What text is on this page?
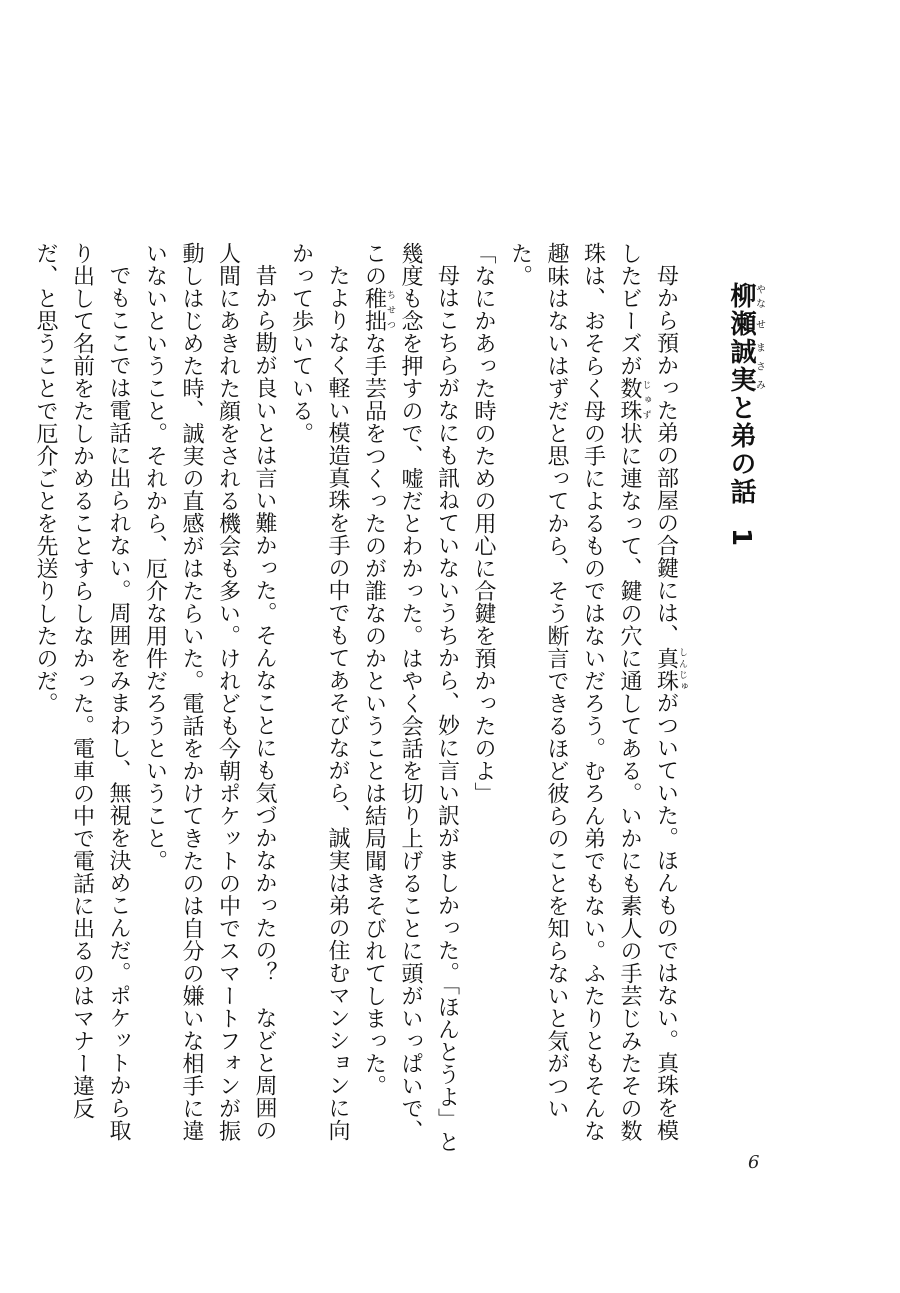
柳やな瀬せ誠実まさみと弟の話1

母から預かった弟の部屋の合鍵には、真珠しんじゅがついていた。ほんものではない。真珠を模したビーズが数珠じゅず状に連なって、鍵の穴に通してある。いかにも素人の手芸じみたその数珠は、おそらく母の手によるものではないだろう。むろん弟でもない。ふたりともそんな趣味はないはずだと思ってから、そう断言できるほど彼らのことを知らないと気がついた。

「なにかあった時のための用心に合鍵を預かったのよ」

母はこちらがなにも訊ねていないうちから、妙に言い訳がましかった。「ほんとうよ」と幾度も念を押すので、嘘だとわかった。はやく会話を切り上げることに頭がいっぱいで、この稚拙ちせつな手芸品をつくったのが誰なのかということは結局聞きそびれてしまった。

たよりなく軽い模造真珠を手の中でもてあそびながら、誠実は弟の住むマンションに向かって歩いている。

昔から勘が良いとは言い難かった。そんなことにも気づかなかったの？　などと周囲の人間にあきれた顔をされる機会も多い。けれども今朝ポケットの中でスマートフォンが振動しはじめた時、誠実の直感がはたらいた。電話をかけてきたのは自分の嫌いな相手に違いないということ。それから、厄介な用件だろうということ。

でもここでは電話に出られない。周囲をみまわし、無視を決めこんだ。ポケットから取り出して名前をたしかめることすらしなかった。電車の中で電話に出るのはマナー違反だ、と思うことで厄介ごとを先送りしたのだ。

6
